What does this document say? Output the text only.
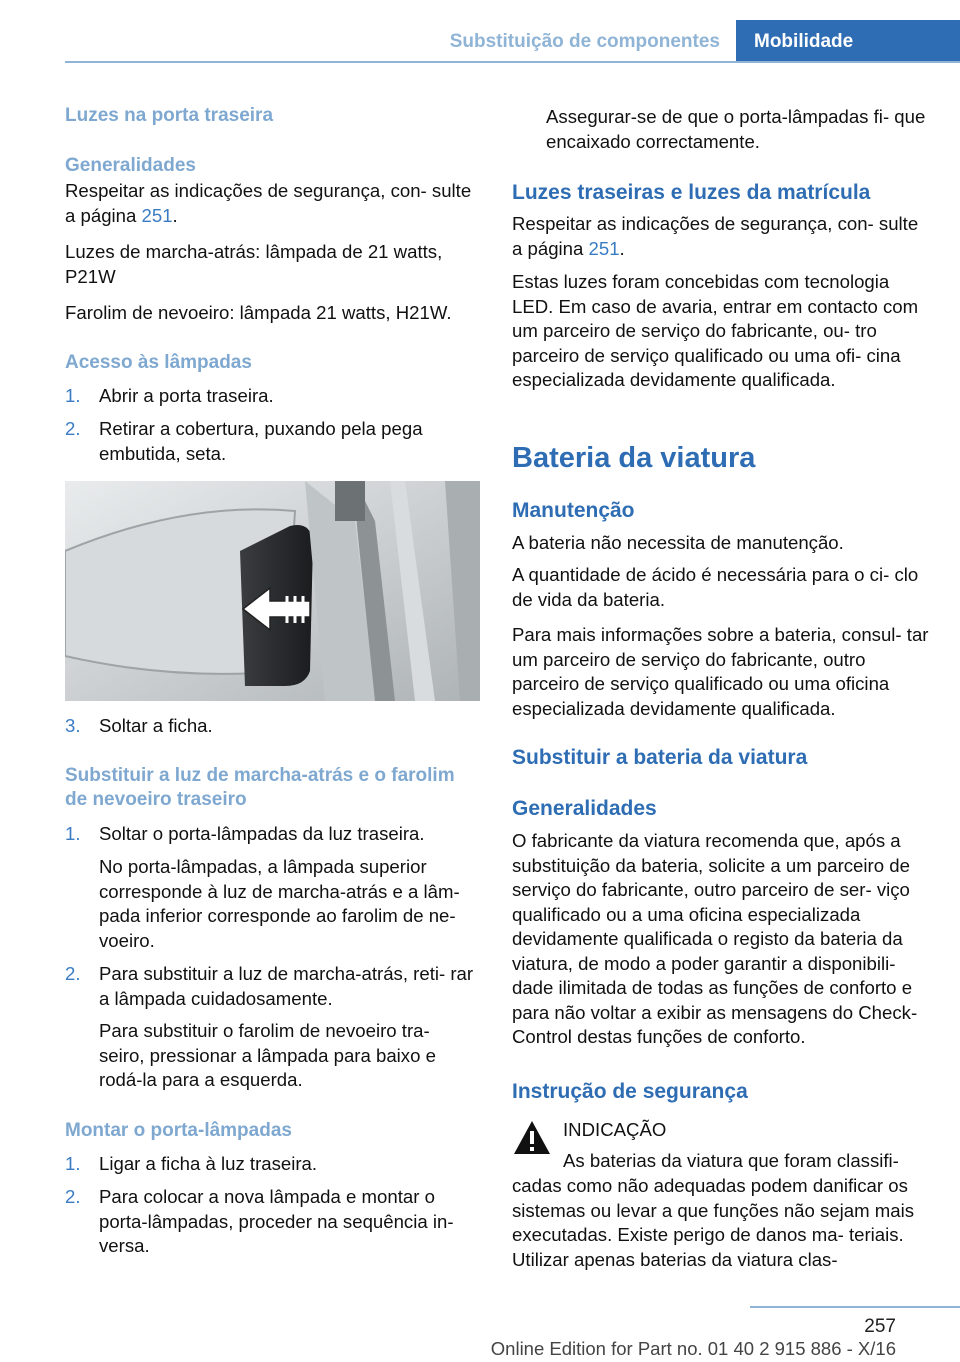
Substituição de componentes	Mobilidade
Luzes na porta traseira
Generalidades
Respeitar as indicações de segurança, con‐ sulte a página 251.
Luzes de marcha-atrás: lâmpada de 21 watts, P21W
Farolim de nevoeiro: lâmpada 21 watts, H21W.
Acesso às lâmpadas
1. Abrir a porta traseira.
2. Retirar a cobertura, puxando pela pega embutida, seta.
3. Soltar a ficha.
Substituir a luz de marcha-atrás e o farolim de nevoeiro traseiro
1. Soltar o porta-lâmpadas da luz traseira.
No porta-lâmpadas, a lâmpada superior corresponde à luz de marcha-atrás e a lâm‐ pada inferior corresponde ao farolim de ne‐ voeiro.
2. Para substituir a luz de marcha-atrás, reti‐ rar a lâmpada cuidadosamente.
Para substituir o farolim de nevoeiro tra‐ seiro, pressionar a lâmpada para baixo e rodá-la para a esquerda.
Montar o porta-lâmpadas
1. Ligar a ficha à luz traseira.
2. Para colocar a nova lâmpada e montar o porta-lâmpadas, proceder na sequência in‐ versa.
Assegurar-se de que o porta-lâmpadas fi‐ que encaixado correctamente.
Luzes traseiras e luzes da matrícula
Respeitar as indicações de segurança, con‐ sulte a página 251.
Estas luzes foram concebidas com tecnologia LED. Em caso de avaria, entrar em contacto com um parceiro de serviço do fabricante, ou‐ tro parceiro de serviço qualificado ou uma ofi‐ cina especializada devidamente qualificada.
Bateria da viatura
Manutenção
A bateria não necessita de manutenção.
A quantidade de ácido é necessária para o ci‐ clo de vida da bateria.
Para mais informações sobre a bateria, consul‐ tar um parceiro de serviço do fabricante, outro parceiro de serviço qualificado ou uma oficina especializada devidamente qualificada.
Substituir a bateria da viatura
Generalidades
O fabricante da viatura recomenda que, após a substituição da bateria, solicite a um parceiro de serviço do fabricante, outro parceiro de ser‐ viço qualificado ou a uma oficina especializada devidamente qualificada o registo da bateria da viatura, de modo a poder garantir a disponibili‐ dade ilimitada de todas as funções de conforto e para não voltar a exibir as mensagens do Check-Control destas funções de conforto.
Instrução de segurança
INDICAÇÃO
As baterias da viatura que foram classifi‐
cadas como não adequadas podem danificar os sistemas ou levar a que funções não sejam mais executadas. Existe perigo de danos ma‐ teriais. Utilizar apenas baterias da viatura clas‐
257
Online Edition for Part no. 01 40 2 915 886 - X/16
